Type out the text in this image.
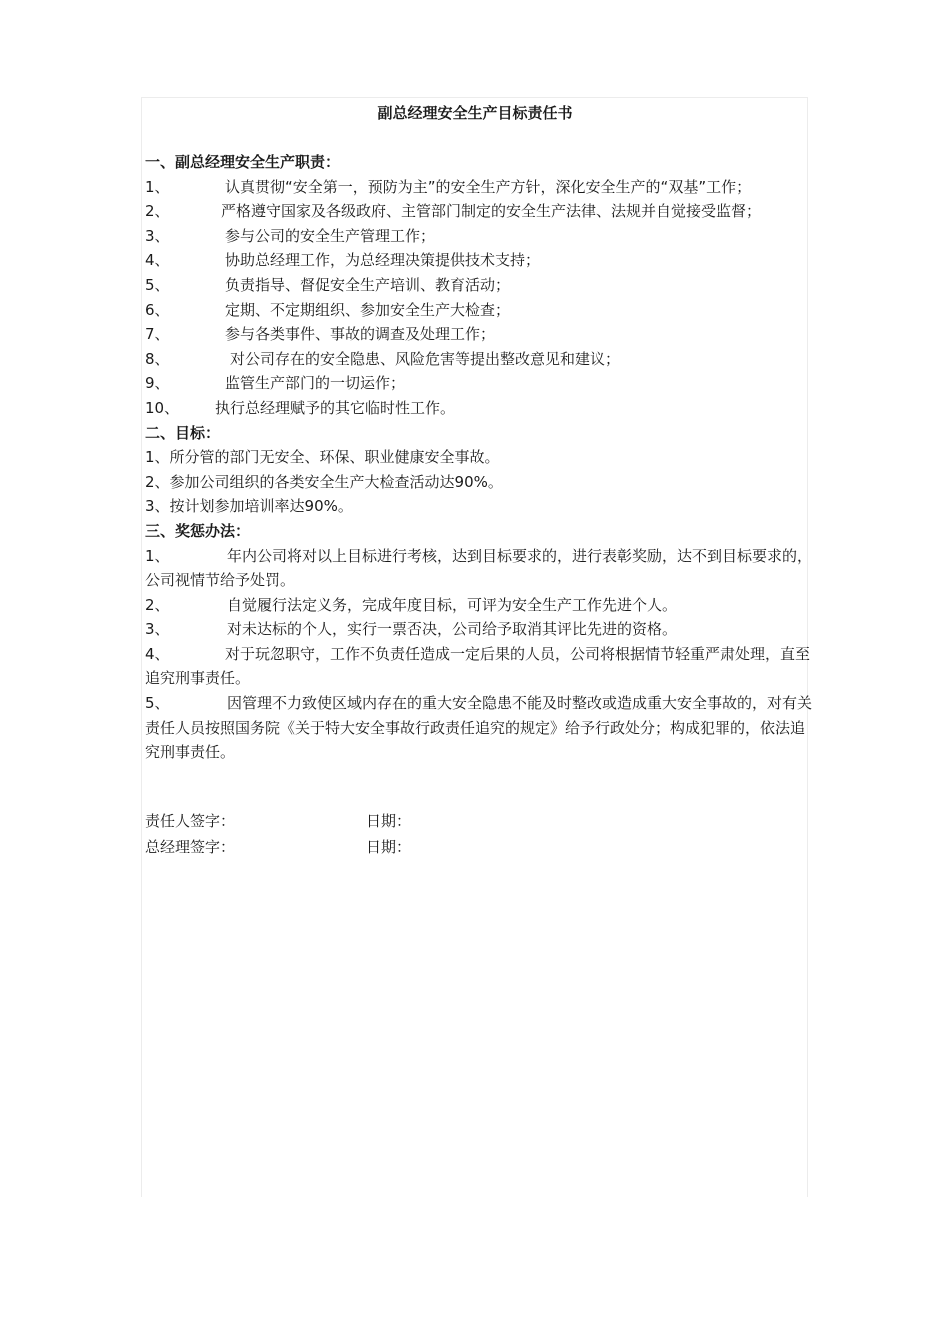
副总经理安全生产目标责任书
一、副总经理安全生产职责：
1、	认真贯彻“安全第一，预防为主”的安全生产方针，深化安全生产的“双基”工作；
2、	严格遵守国家及各级政府、主管部门制定的安全生产法律、法规并自觉接受监督；
3、	参与公司的安全生产管理工作；
4、	协助总经理工作，为总经理决策提供技术支持；
5、	负责指导、督促安全生产培训、教育活动；
6、	定期、不定期组织、参加安全生产大检查；
7、	参与各类事件、事故的调查及处理工作；
8、	对公司存在的安全隐患、风险危害等提出整改意见和建议；
9、	监管生产部门的一切运作；
10、 执行总经理赋予的其它临时性工作。
二、目标：
1、所分管的部门无安全、环保、职业健康安全事故。
2、参加公司组织的各类安全生产大检查活动达90%。
3、按计划参加培训率达90%。
三、奖惩办法：
1、	年内公司将对以上目标进行考核，达到目标要求的，进行表彰奖励，达不到目标要求的，公司视情节给予处罚。
2、	自觉履行法定义务，完成年度目标，可评为安全生产工作先进个人。
3、	对未达标的个人，实行一票否决，公司给予取消其评比先进的资格。
4、	对于玩忽职守，工作不负责任造成一定后果的人员，公司将根据情节轻重严肃处理，直至追究刑事责任。
5、	因管理不力致使区域内存在的重大安全隐患不能及时整改或造成重大安全事故的，对有关责任人员按照国务院《关于特大安全事故行政责任追究的规定》给予行政处分；构成犯罪的，依法追究刑事责任。
责任人签字：	日期：
总经理签字：	日期：
